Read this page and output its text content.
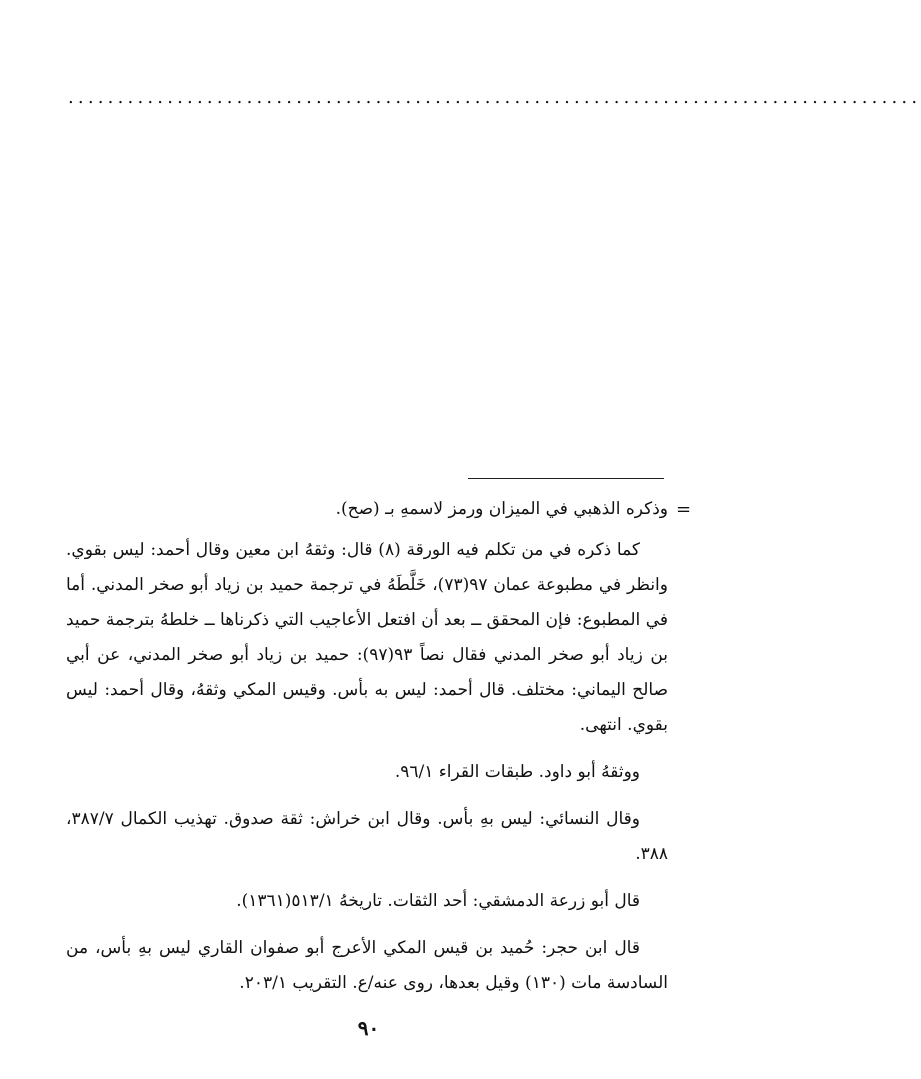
......................................................................................
=

وذكره الذهبي في الميزان ورمز لاسمهِ بـ (صح).

كما ذكره في من تكلم فيه الورقة (٨) قال: وثقهُ ابن معين وقال أحمد: ليس بقوي. وانظر في مطبوعة عمان ٩٧(٧٣)، خَلَّطَهُ في ترجمة حميد بن زياد أبو صخر المدني. أما في المطبوع: فإن المحقق ــ بعد أن افتعل الأعاجيب التي ذكرناها ــ خلطهُ بترجمة حميد بن زياد أبو صخر المدني فقال نصاً ٩٣(٩٧): حميد بن زياد أبو صخر المدني، عن أبي صالح اليماني: مختلف. قال أحمد: ليس به بأس. وقيس المكي وثقهُ، وقال أحمد: ليس بقوي. انتهى.

ووثقهُ أبو داود. طبقات القراء ٩٦/١.

وقال النسائي: ليس بهِ بأس. وقال ابن خراش: ثقة صدوق. تهذيب الكمال ٣٨٧/٧، ٣٨٨.

قال أبو زرعة الدمشقي: أحد الثقات. تاريخهُ ٥١٣/١(١٣٦١).

قال ابن حجر: حُميد بن قيس المكي الأعرج أبو صفوان القاري ليس بهِ بأس، من السادسة مات (١٣٠) وقيل بعدها، روى عنه/ع. التقريب ٢٠٣/١.

٩٠
